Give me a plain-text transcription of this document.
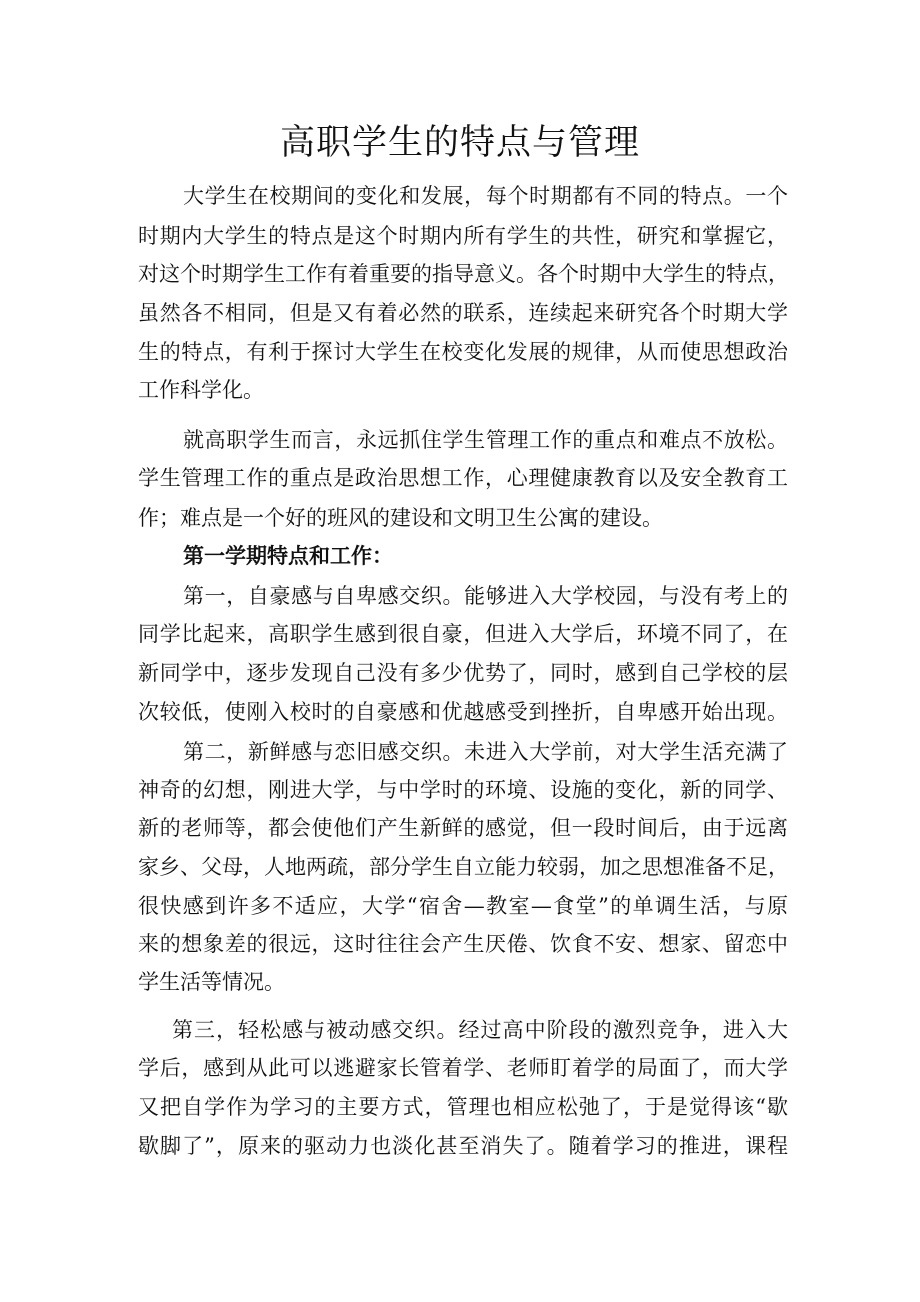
高职学生的特点与管理

大学生在校期间的变化和发展，每个时期都有不同的特点。一个

时期内大学生的特点是这个时期内所有学生的共性，研究和掌握它，

对这个时期学生工作有着重要的指导意义。各个时期中大学生的特点，

虽然各不相同，但是又有着必然的联系，连续起来研究各个时期大学

生的特点，有利于探讨大学生在校变化发展的规律，从而使思想政治

工作科学化。

就高职学生而言，永远抓住学生管理工作的重点和难点不放松。

学生管理工作的重点是政治思想工作，心理健康教育以及安全教育工

作；难点是一个好的班风的建设和文明卫生公寓的建设。

第一学期特点和工作：

第一，自豪感与自卑感交织。能够进入大学校园，与没有考上的

同学比起来，高职学生感到很自豪，但进入大学后，环境不同了，在

新同学中，逐步发现自己没有多少优势了，同时，感到自己学校的层

次较低，使刚入校时的自豪感和优越感受到挫折，自卑感开始出现。

第二，新鲜感与恋旧感交织。未进入大学前，对大学生活充满了

神奇的幻想，刚进大学，与中学时的环境、设施的变化，新的同学、

新的老师等，都会使他们产生新鲜的感觉，但一段时间后，由于远离

家乡、父母，人地两疏，部分学生自立能力较弱，加之思想准备不足，

很快感到许多不适应，大学“宿舍—教室—食堂”的单调生活，与原

来的想象差的很远，这时往往会产生厌倦、饮食不安、想家、留恋中

学生活等情况。

第三，轻松感与被动感交织。经过高中阶段的激烈竞争，进入大

学后，感到从此可以逃避家长管着学、老师盯着学的局面了，而大学

又把自学作为学习的主要方式，管理也相应松弛了，于是觉得该“歇

歇脚了”，原来的驱动力也淡化甚至消失了。随着学习的推进，课程
